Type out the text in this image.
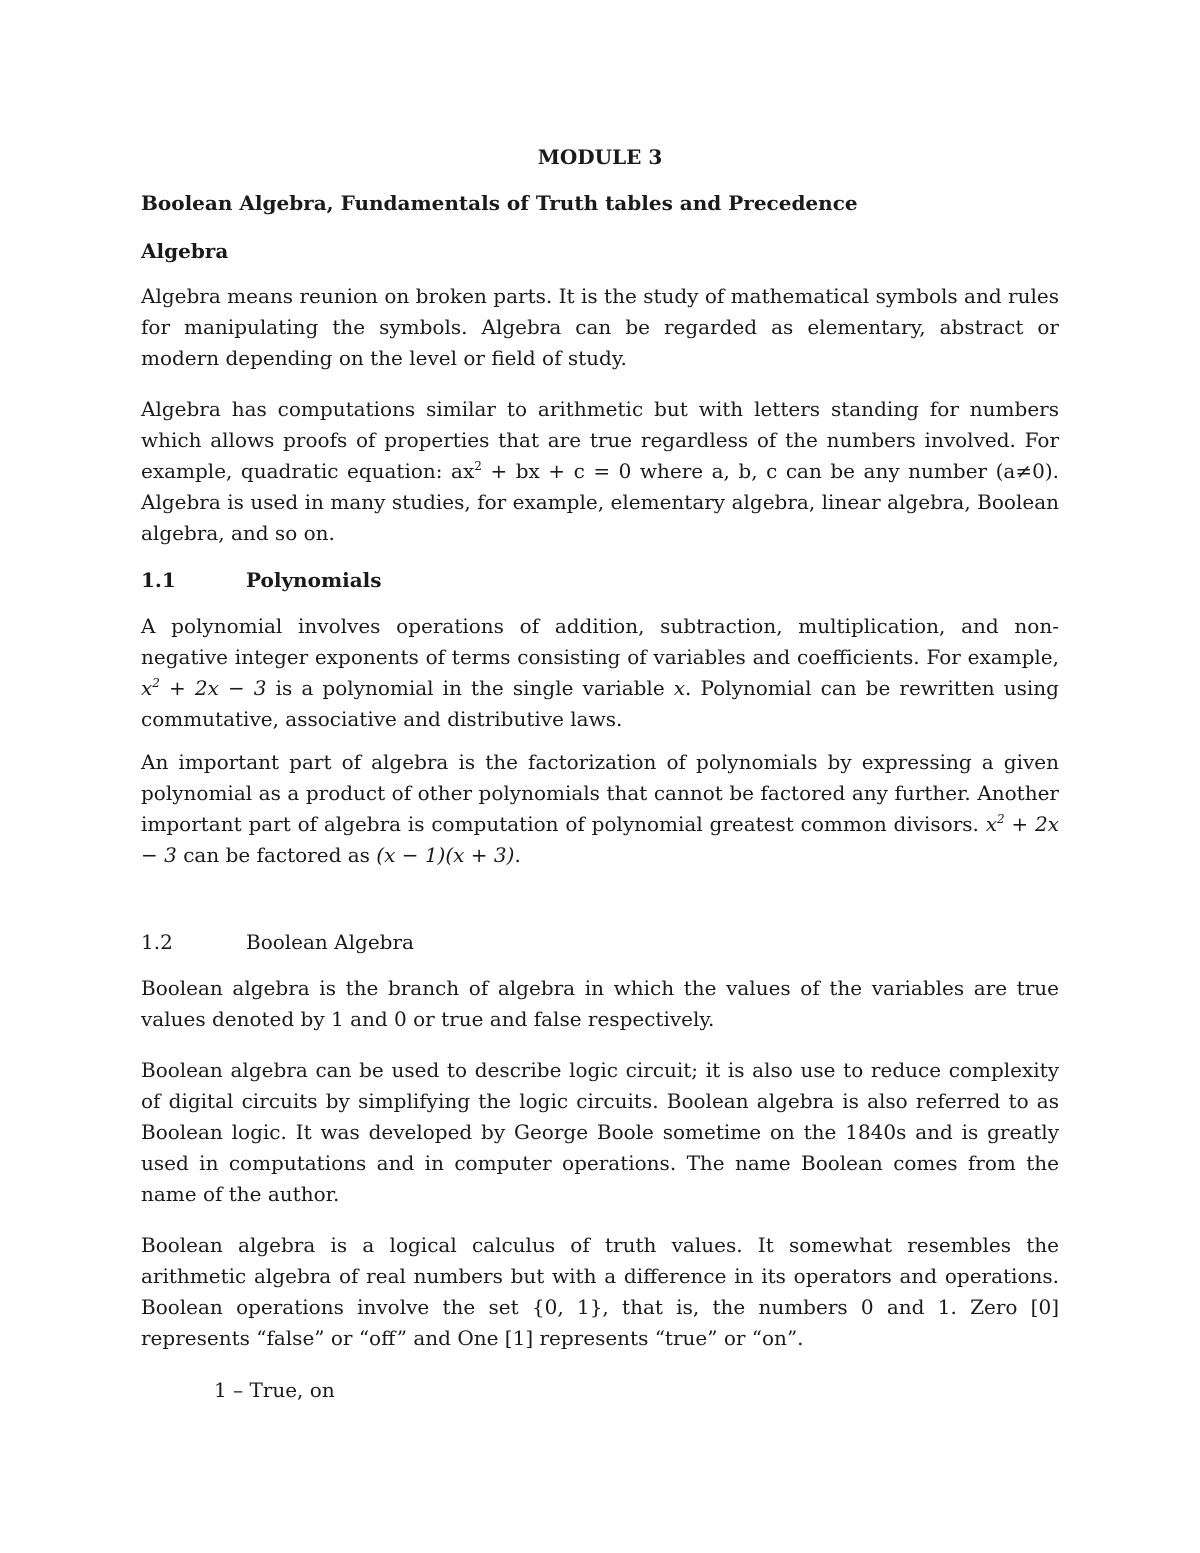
MODULE 3

Boolean Algebra, Fundamentals of Truth tables and Precedence

Algebra

Algebra means reunion on broken parts. It is the study of mathematical symbols and rules for manipulating the symbols. Algebra can be regarded as elementary, abstract or modern depending on the level or field of study.

Algebra has computations similar to arithmetic but with letters standing for numbers which allows proofs of properties that are true regardless of the numbers involved. For example, quadratic equation: $ax^2$ + bx + c = 0 where a, b, c can be any number (a≠0). Algebra is used in many studies, for example, elementary algebra, linear algebra, Boolean algebra, and so on.

1.1	Polynomials

A polynomial involves operations of addition, subtraction, multiplication, and non-negative integer exponents of terms consisting of variables and coefficients. For example, $x^2 + 2x - 3$ is a polynomial in the single variable x. Polynomial can be rewritten using commutative, associative and distributive laws.

An important part of algebra is the factorization of polynomials by expressing a given polynomial as a product of other polynomials that cannot be factored any further. Another important part of algebra is computation of polynomial greatest common divisors. $x^2 + 2x - 3$ can be factored as (x − 1)(x + 3).

1.2	Boolean Algebra

Boolean algebra is the branch of algebra in which the values of the variables are true values denoted by 1 and 0 or true and false respectively.

Boolean algebra can be used to describe logic circuit; it is also use to reduce complexity of digital circuits by simplifying the logic circuits. Boolean algebra is also referred to as Boolean logic. It was developed by George Boole sometime on the 1840s and is greatly used in computations and in computer operations. The name Boolean comes from the name of the author.

Boolean algebra is a logical calculus of truth values. It somewhat resembles the arithmetic algebra of real numbers but with a difference in its operators and operations. Boolean operations involve the set {0, 1}, that is, the numbers 0 and 1. Zero [0] represents “false” or “off” and One [1] represents “true” or “on”.

1 – True, on
